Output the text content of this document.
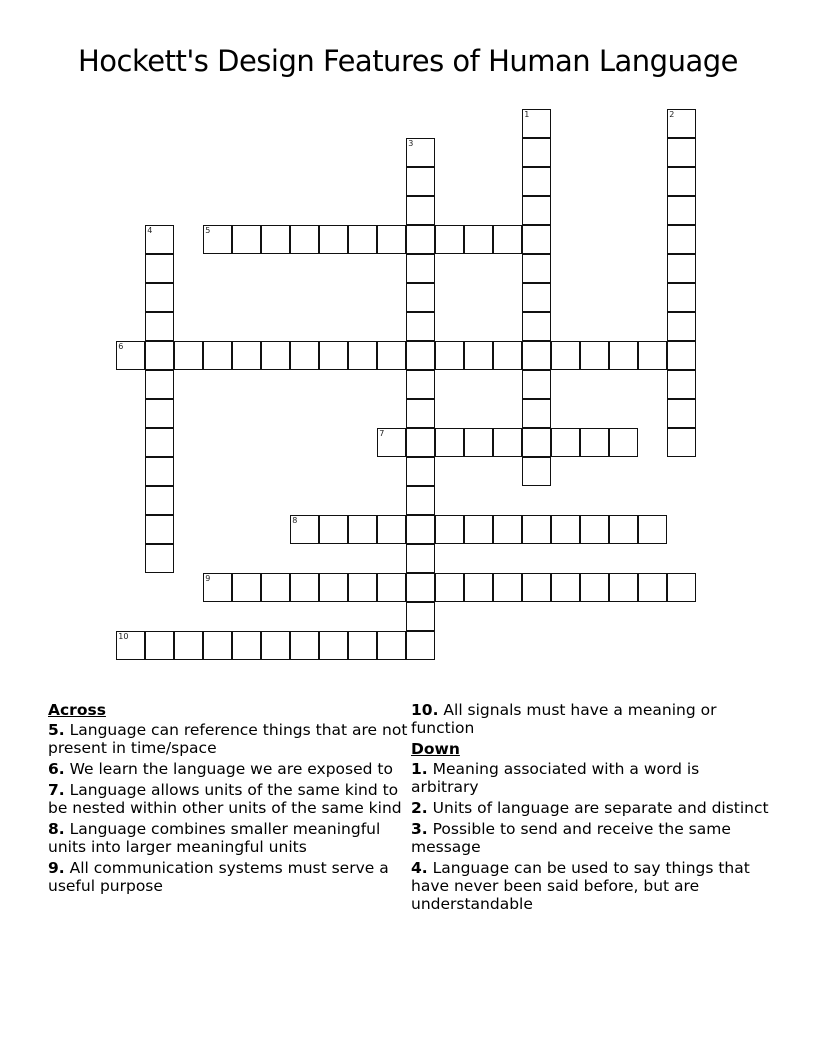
Hockett's Design Features of Human Language
1	2
3
4	5
6
7
8
9
10
Across
5. Language can reference things that are not present in time/space
6. We learn the language we are exposed to
7. Language allows units of the same kind to be nested within other units of the same kind
8. Language combines smaller meaningful units into larger meaningful units
9. All communication systems must serve a useful purpose
10. All signals must have a meaning or function
Down
1. Meaning associated with a word is arbitrary
2. Units of language are separate and distinct
3. Possible to send and receive the same message
4. Language can be used to say things that have never been said before, but are understandable
